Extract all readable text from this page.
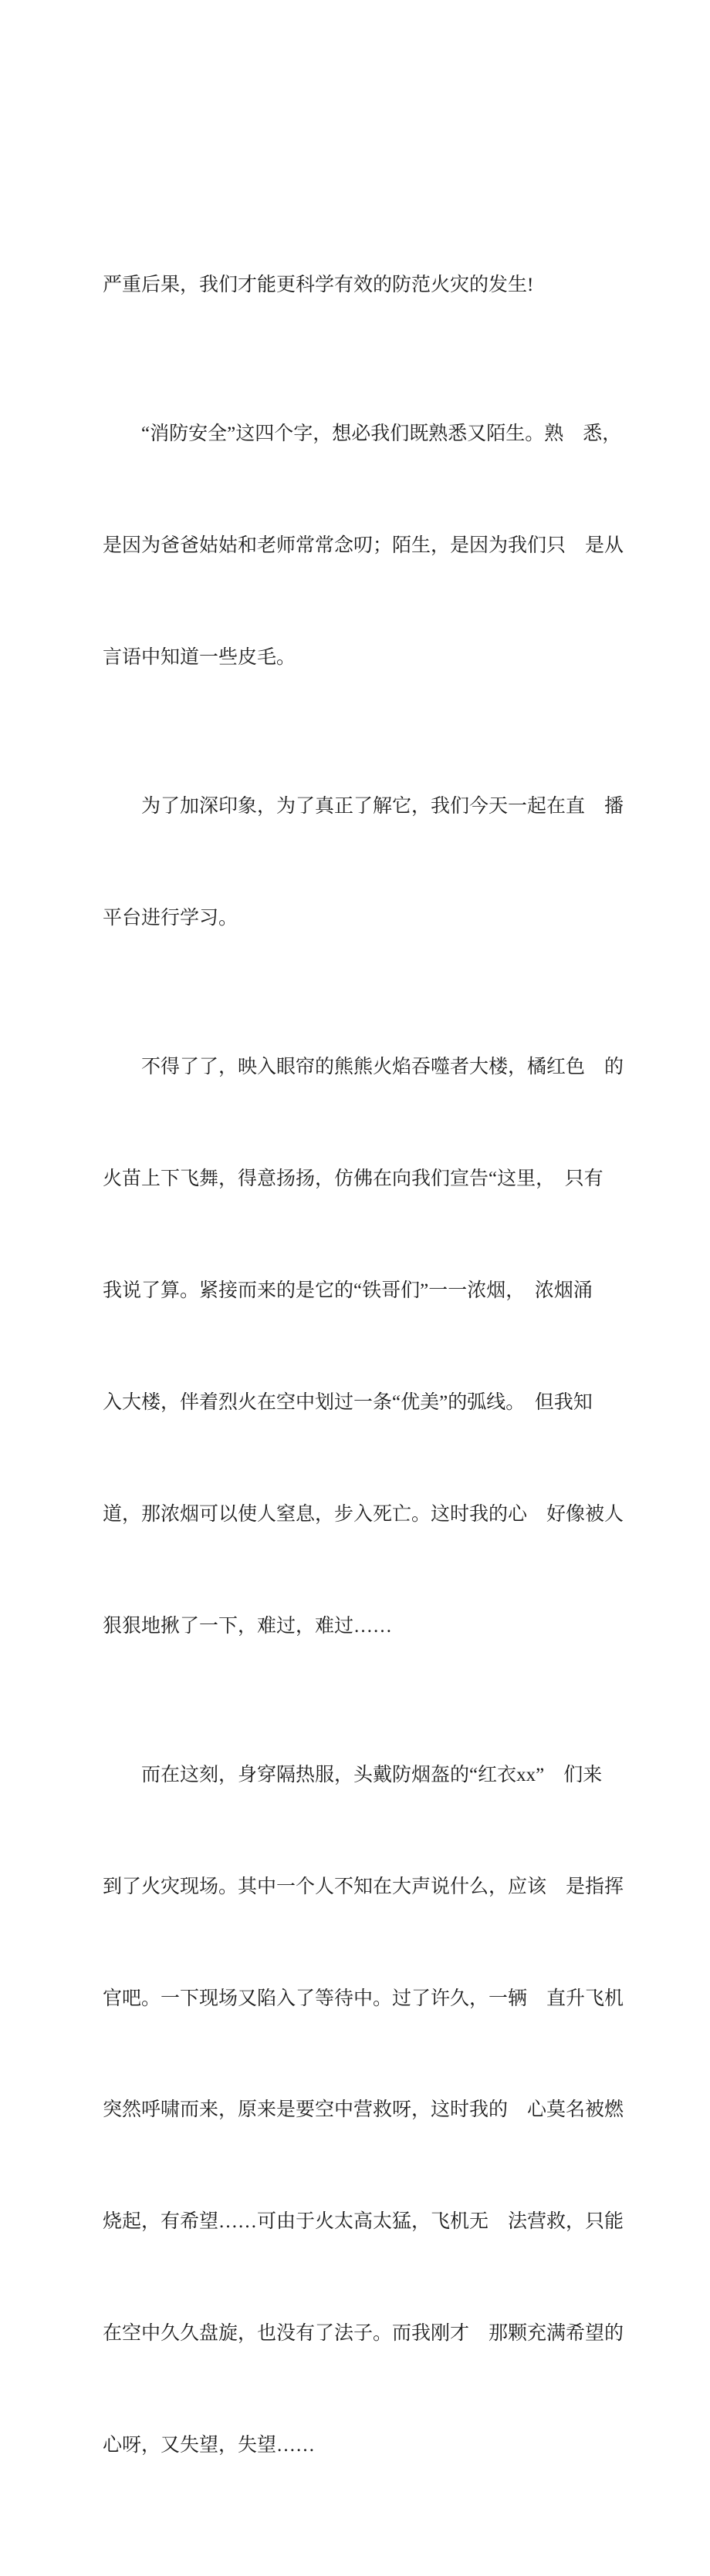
严重后果，我们才能更科学有效的防范火灾的发生!

　　“消防安全”这四个字，想必我们既熟悉又陌生。熟　悉，

是因为爸爸姑姑和老师常常念叨；陌生，是因为我们只　是从

言语中知道一些皮毛。

　　为了加深印象，为了真正了解它，我们今天一起在直　播

平台进行学习。

　　不得了了，映入眼帘的熊熊火焰吞噬者大楼，橘红色　的

火苗上下飞舞，得意扬扬，仿佛在向我们宣告“这里，　只有

我说了算。紧接而来的是它的“铁哥们”一一浓烟，　浓烟涌

入大楼，伴着烈火在空中划过一条“优美”的弧线。　但我知

道，那浓烟可以使人窒息，步入死亡。这时我的心　好像被人

狠狠地揪了一下，难过，难过……

　　而在这刻，身穿隔热服，头戴防烟盔的“红衣xx”　们来

到了火灾现场。其中一个人不知在大声说什么，应该　是指挥

官吧。一下现场又陷入了等待中。过了许久，一辆　直升飞机

突然呼啸而来，原来是要空中营救呀，这时我的　心莫名被燃

烧起，有希望……可由于火太高太猛，飞机无　法营救，只能

在空中久久盘旋，也没有了法子。而我刚才　那颗充满希望的

心呀，又失望，失望……
